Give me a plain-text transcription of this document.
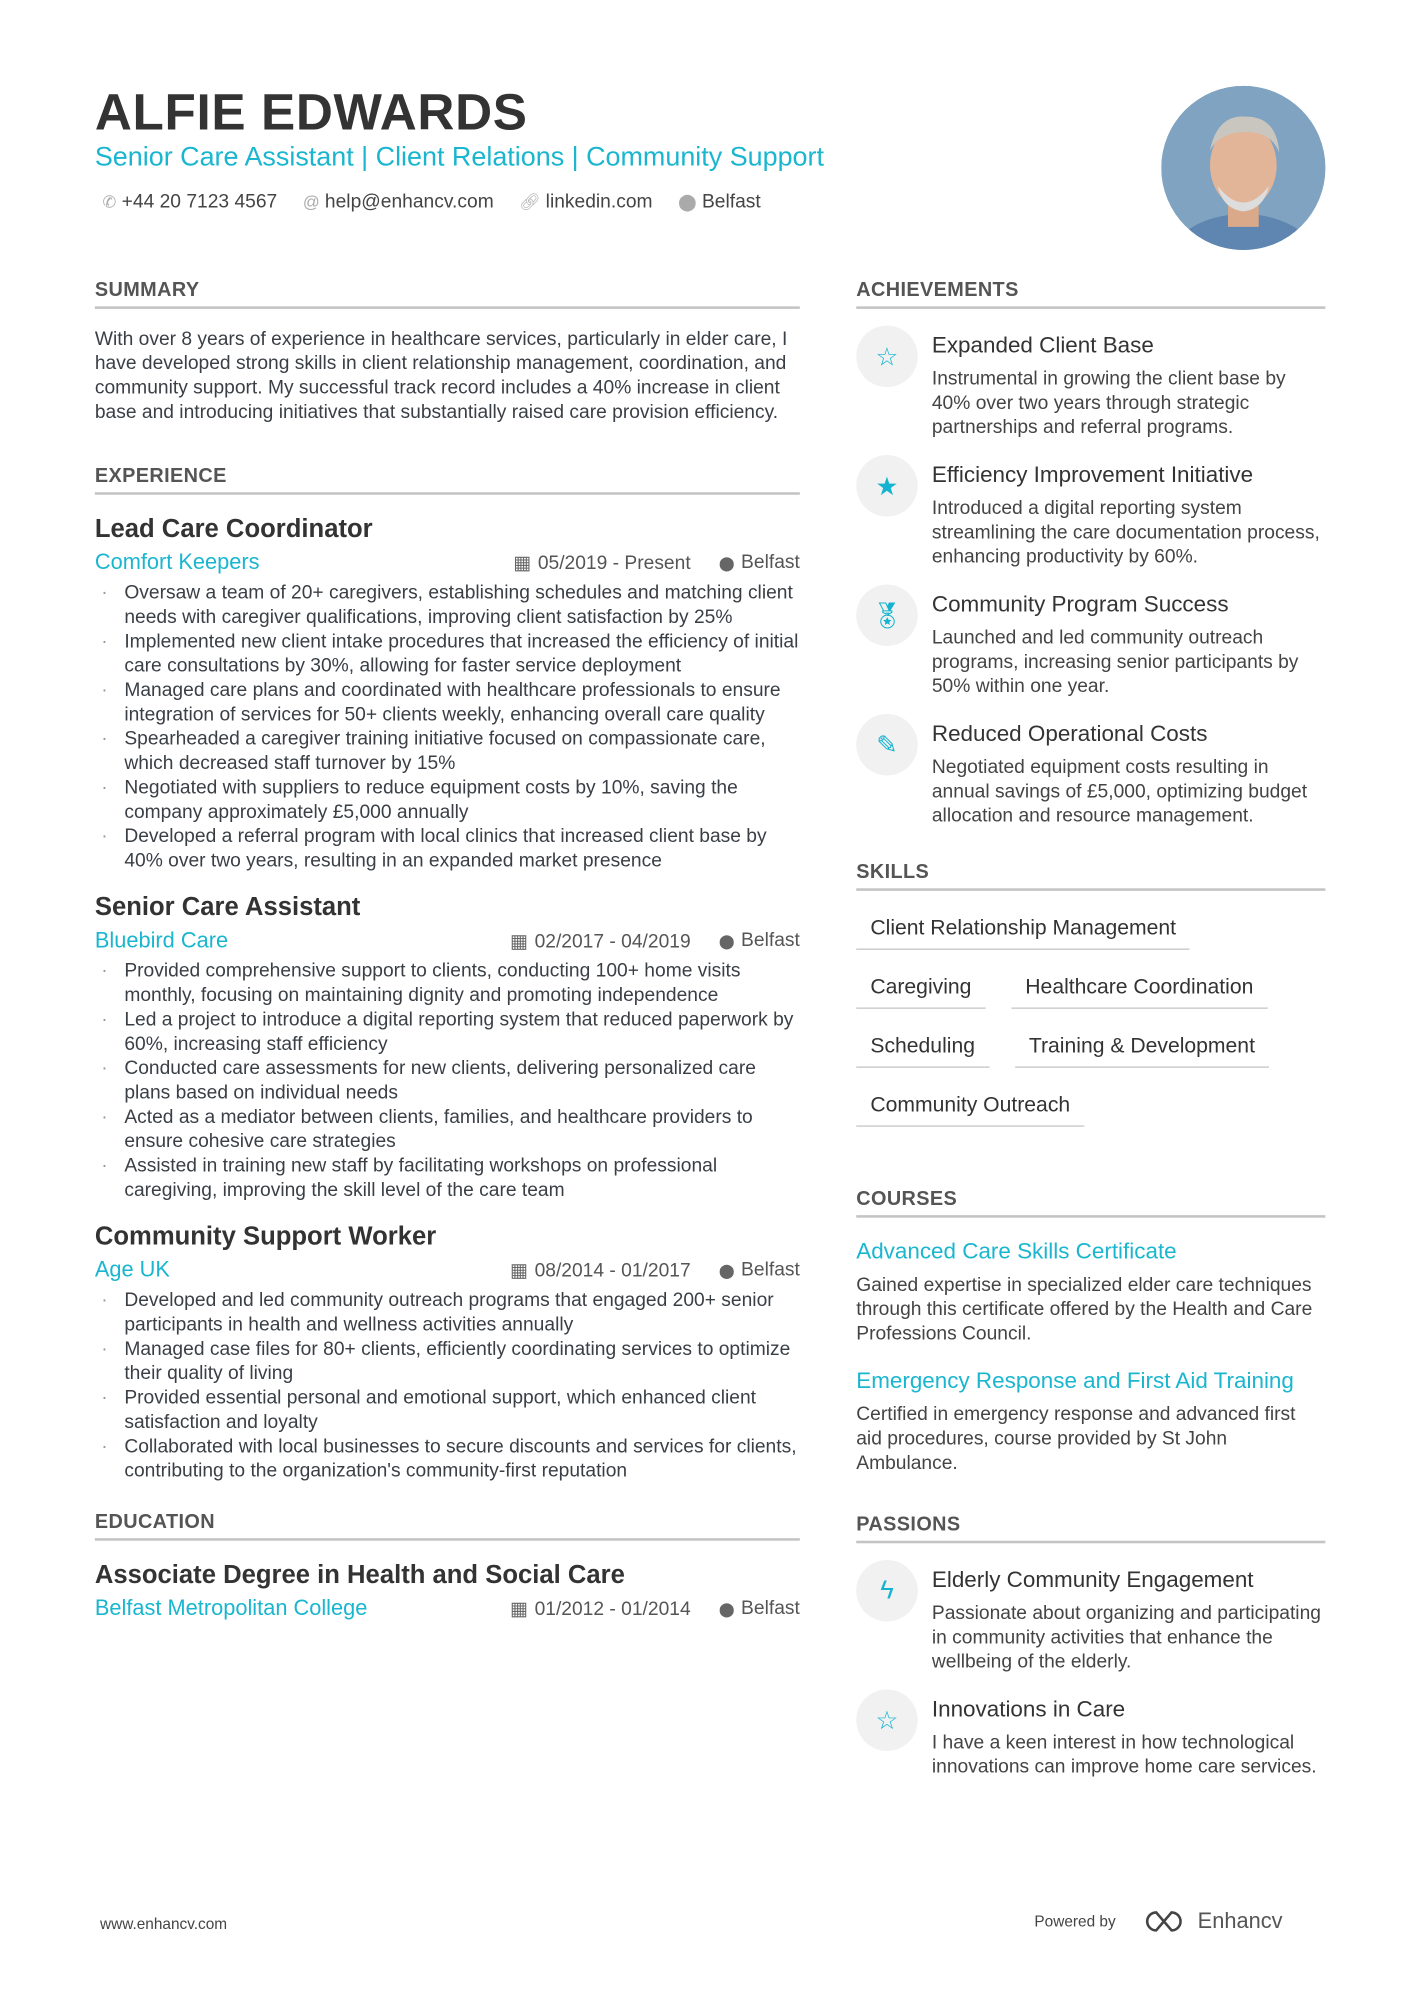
ALFIE EDWARDS
Senior Care Assistant | Client Relations | Community Support
✆ +44 20 7123 4567 @ help@enhancv.com 🔗︎ linkedin.com ⬤ Belfast
SUMMARY

With over 8 years of experience in healthcare services, particularly in elder care, I have developed strong skills in client relationship management, coordination, and community support. My successful track record includes a 40% increase in client base and introducing initiatives that substantially raised care provision efficiency.

EXPERIENCE
Lead Care Coordinator
Comfort Keepers	▦ 05/2019 - Present	⬤ Belfast
· Oversaw a team of 20+ caregivers, establishing schedules and matching client needs with caregiver qualifications, improving client satisfaction by 25%
· Implemented new client intake procedures that increased the efficiency of initial care consultations by 30%, allowing for faster service deployment
· Managed care plans and coordinated with healthcare professionals to ensure integration of services for 50+ clients weekly, enhancing overall care quality
· Spearheaded a caregiver training initiative focused on compassionate care, which decreased staff turnover by 15%
· Negotiated with suppliers to reduce equipment costs by 10%, saving the company approximately £5,000 annually
· Developed a referral program with local clinics that increased client base by 40% over two years, resulting in an expanded market presence
Senior Care Assistant
Bluebird Care	▦ 02/2017 - 04/2019	⬤ Belfast
· Provided comprehensive support to clients, conducting 100+ home visits monthly, focusing on maintaining dignity and promoting independence
· Led a project to introduce a digital reporting system that reduced paperwork by 60%, increasing staff efficiency
· Conducted care assessments for new clients, delivering personalized care plans based on individual needs
· Acted as a mediator between clients, families, and healthcare providers to ensure cohesive care strategies
· Assisted in training new staff by facilitating workshops on professional caregiving, improving the skill level of the care team
Community Support Worker
Age UK	▦ 08/2014 - 01/2017	⬤ Belfast
· Developed and led community outreach programs that engaged 200+ senior participants in health and wellness activities annually
· Managed case files for 80+ clients, efficiently coordinating services to optimize their quality of living
· Provided essential personal and emotional support, which enhanced client satisfaction and loyalty
· Collaborated with local businesses to secure discounts and services for clients, contributing to the organization's community-first reputation
EDUCATION
Associate Degree in Health and Social Care
Belfast Metropolitan College	▦ 01/2012 - 01/2014	⬤ Belfast
ACHIEVEMENTS
☆	Expanded Client Base
Instrumental in growing the client base by 40% over two years through strategic partnerships and referral programs.
★	Efficiency Improvement Initiative
Introduced a digital reporting system streamlining the care documentation process, enhancing productivity by 60%.
🏅︎	Community Program Success
Launched and led community outreach programs, increasing senior participants by 50% within one year.
✎	Reduced Operational Costs
Negotiated equipment costs resulting in annual savings of £5,000, optimizing budget allocation and resource management.
SKILLS
Client Relationship Management
Caregiving	Healthcare Coordination
Scheduling	Training & Development
Community Outreach
COURSES
Advanced Care Skills Certificate
Gained expertise in specialized elder care techniques through this certificate offered by the Health and Care Professions Council.
Emergency Response and First Aid Training
Certified in emergency response and advanced first aid procedures, course provided by St John Ambulance.
PASSIONS
ϟ	Elderly Community Engagement
Passionate about organizing and participating in community activities that enhance the wellbeing of the elderly.
☆	Innovations in Care
I have a keen interest in how technological innovations can improve home care services.
www.enhancv.com	Powered by	Enhancv
